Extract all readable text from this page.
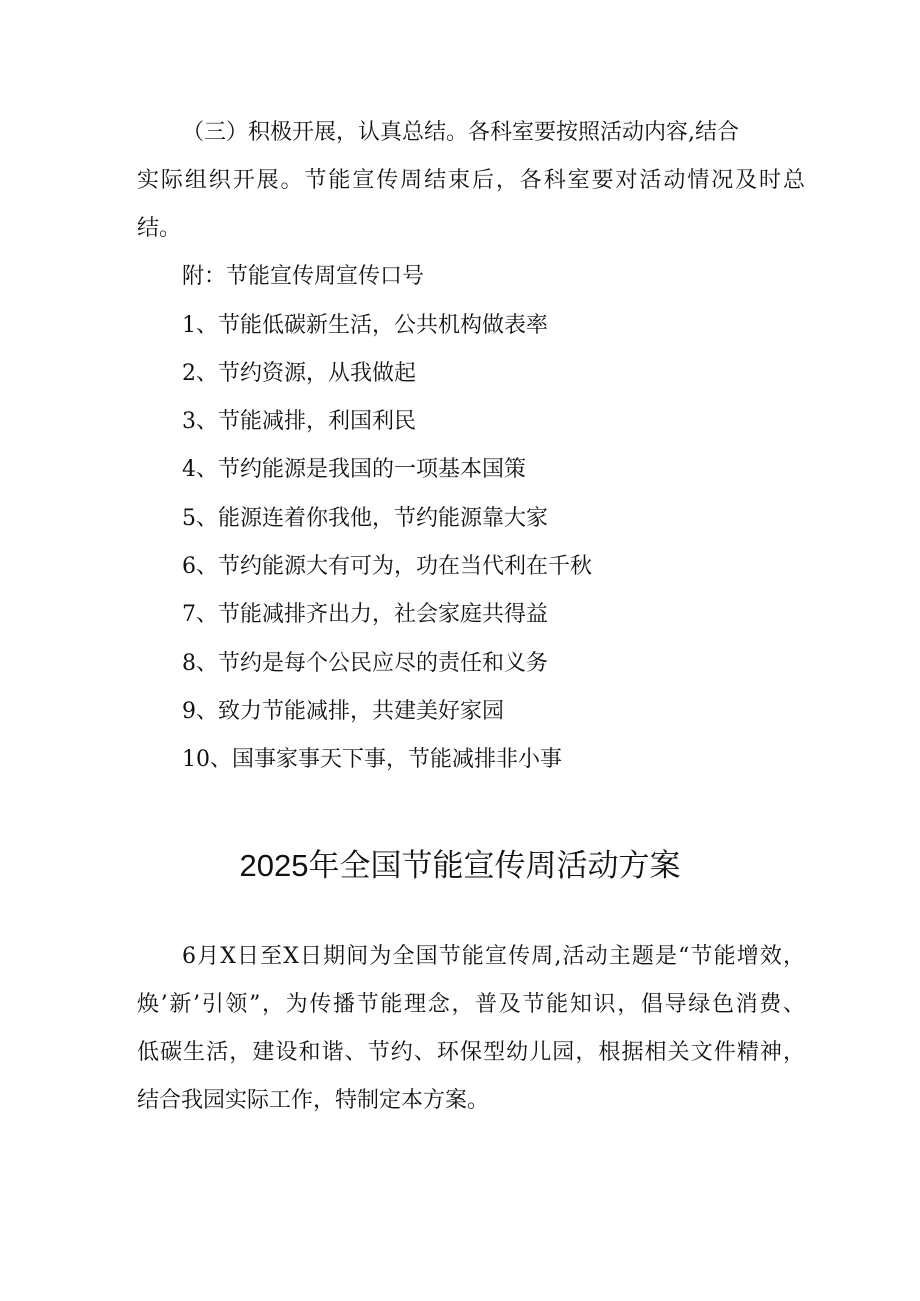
（三）积极开展，认真总结。各科室要按照活动内容,结合
实际组织开展。节能宣传周结束后，各科室要对活动情况及时总
结。
附：节能宣传周宣传口号
1、节能低碳新生活，公共机构做表率
2、节约资源，从我做起
3、节能减排，利国利民
4、节约能源是我国的一项基本国策
5、能源连着你我他，节约能源靠大家
6、节约能源大有可为，功在当代利在千秋
7、节能减排齐出力，社会家庭共得益
8、节约是每个公民应尽的责任和义务
9、致力节能减排，共建美好家园
10、国事家事天下事，节能减排非小事
2025年全国节能宣传周活动方案
6月X日至X日期间为全国节能宣传周,活动主题是“节能增效，
焕’新’引领”，为传播节能理念，普及节能知识，倡导绿色消费、
低碳生活，建设和谐、节约、环保型幼儿园，根据相关文件精神，
结合我园实际工作，特制定本方案。
